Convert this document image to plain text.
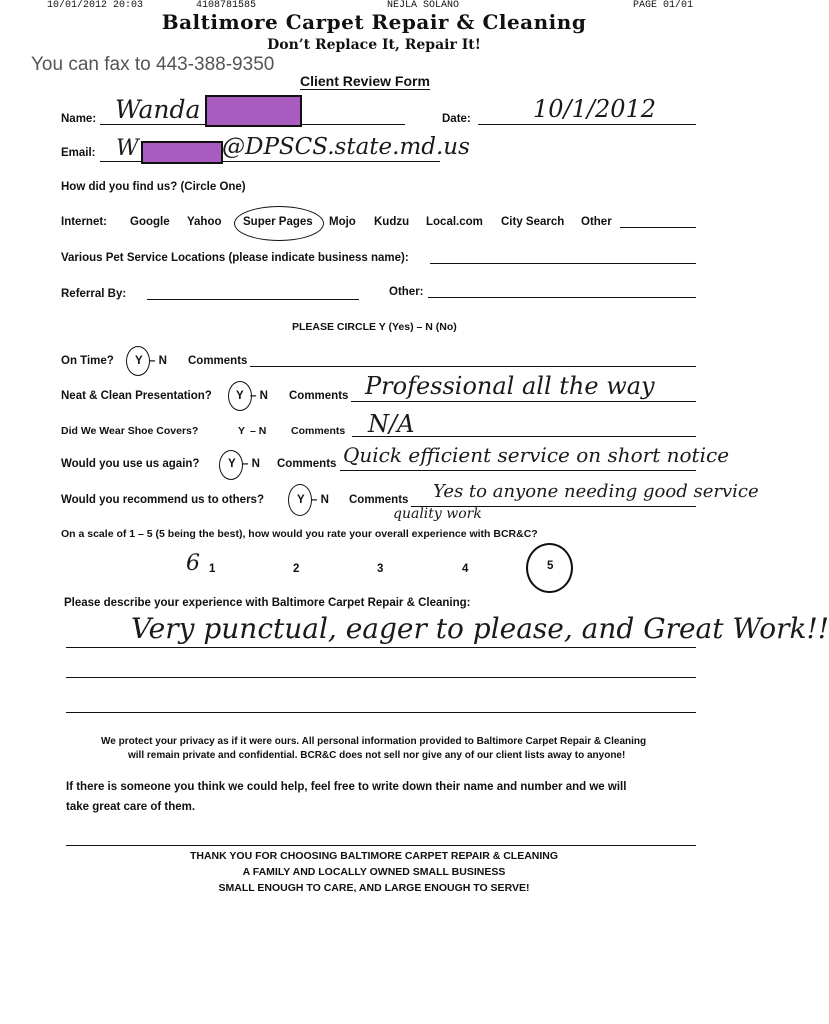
10/01/2012 20:03	4108781585	NEJLA SOLANO	PAGE 01/01
Baltimore Carpet Repair & Cleaning
Don’t Replace It, Repair It!
You can fax to 443-388-9350
Client Review Form
Name: Wanda	Date:	10/1/2012
Email: W	@DPSCS.state.md.us
How did you find us? (Circle One)
Internet: Google Yahoo Super Pages Mojo Kudzu Local.com City Search Other
Various Pet Service Locations (please indicate business name):
Referral By:	Other:
PLEASE CIRCLE Y (Yes) – N (No)
On Time? Y – N Comments
Neat & Clean Presentation? Y – N Comments Professional all the way
Did We Wear Shoe Covers?	Y – N Comments N/A
Would you use us again? Y – N Comments Quick efficient service on short notice
Would you recommend us to others?	Y – N Comments Yes to anyone needing good service
quality work
On a scale of 1 – 5 (5 being the best), how would you rate your overall experience with BCR&C?
6 1	2	3	4	5
Please describe your experience with Baltimore Carpet Repair & Cleaning:
Very punctual, eager to please, and Great Work!!
We protect your privacy as if it were ours. All personal information provided to Baltimore Carpet Repair & Cleaning
will remain private and confidential. BCR&C does not sell nor give any of our client lists away to anyone!
If there is someone you think we could help, feel free to write down their name and number and we will
take great care of them.
THANK YOU FOR CHOOSING BALTIMORE CARPET REPAIR & CLEANING
A FAMILY AND LOCALLY OWNED SMALL BUSINESS
SMALL ENOUGH TO CARE, AND LARGE ENOUGH TO SERVE!
